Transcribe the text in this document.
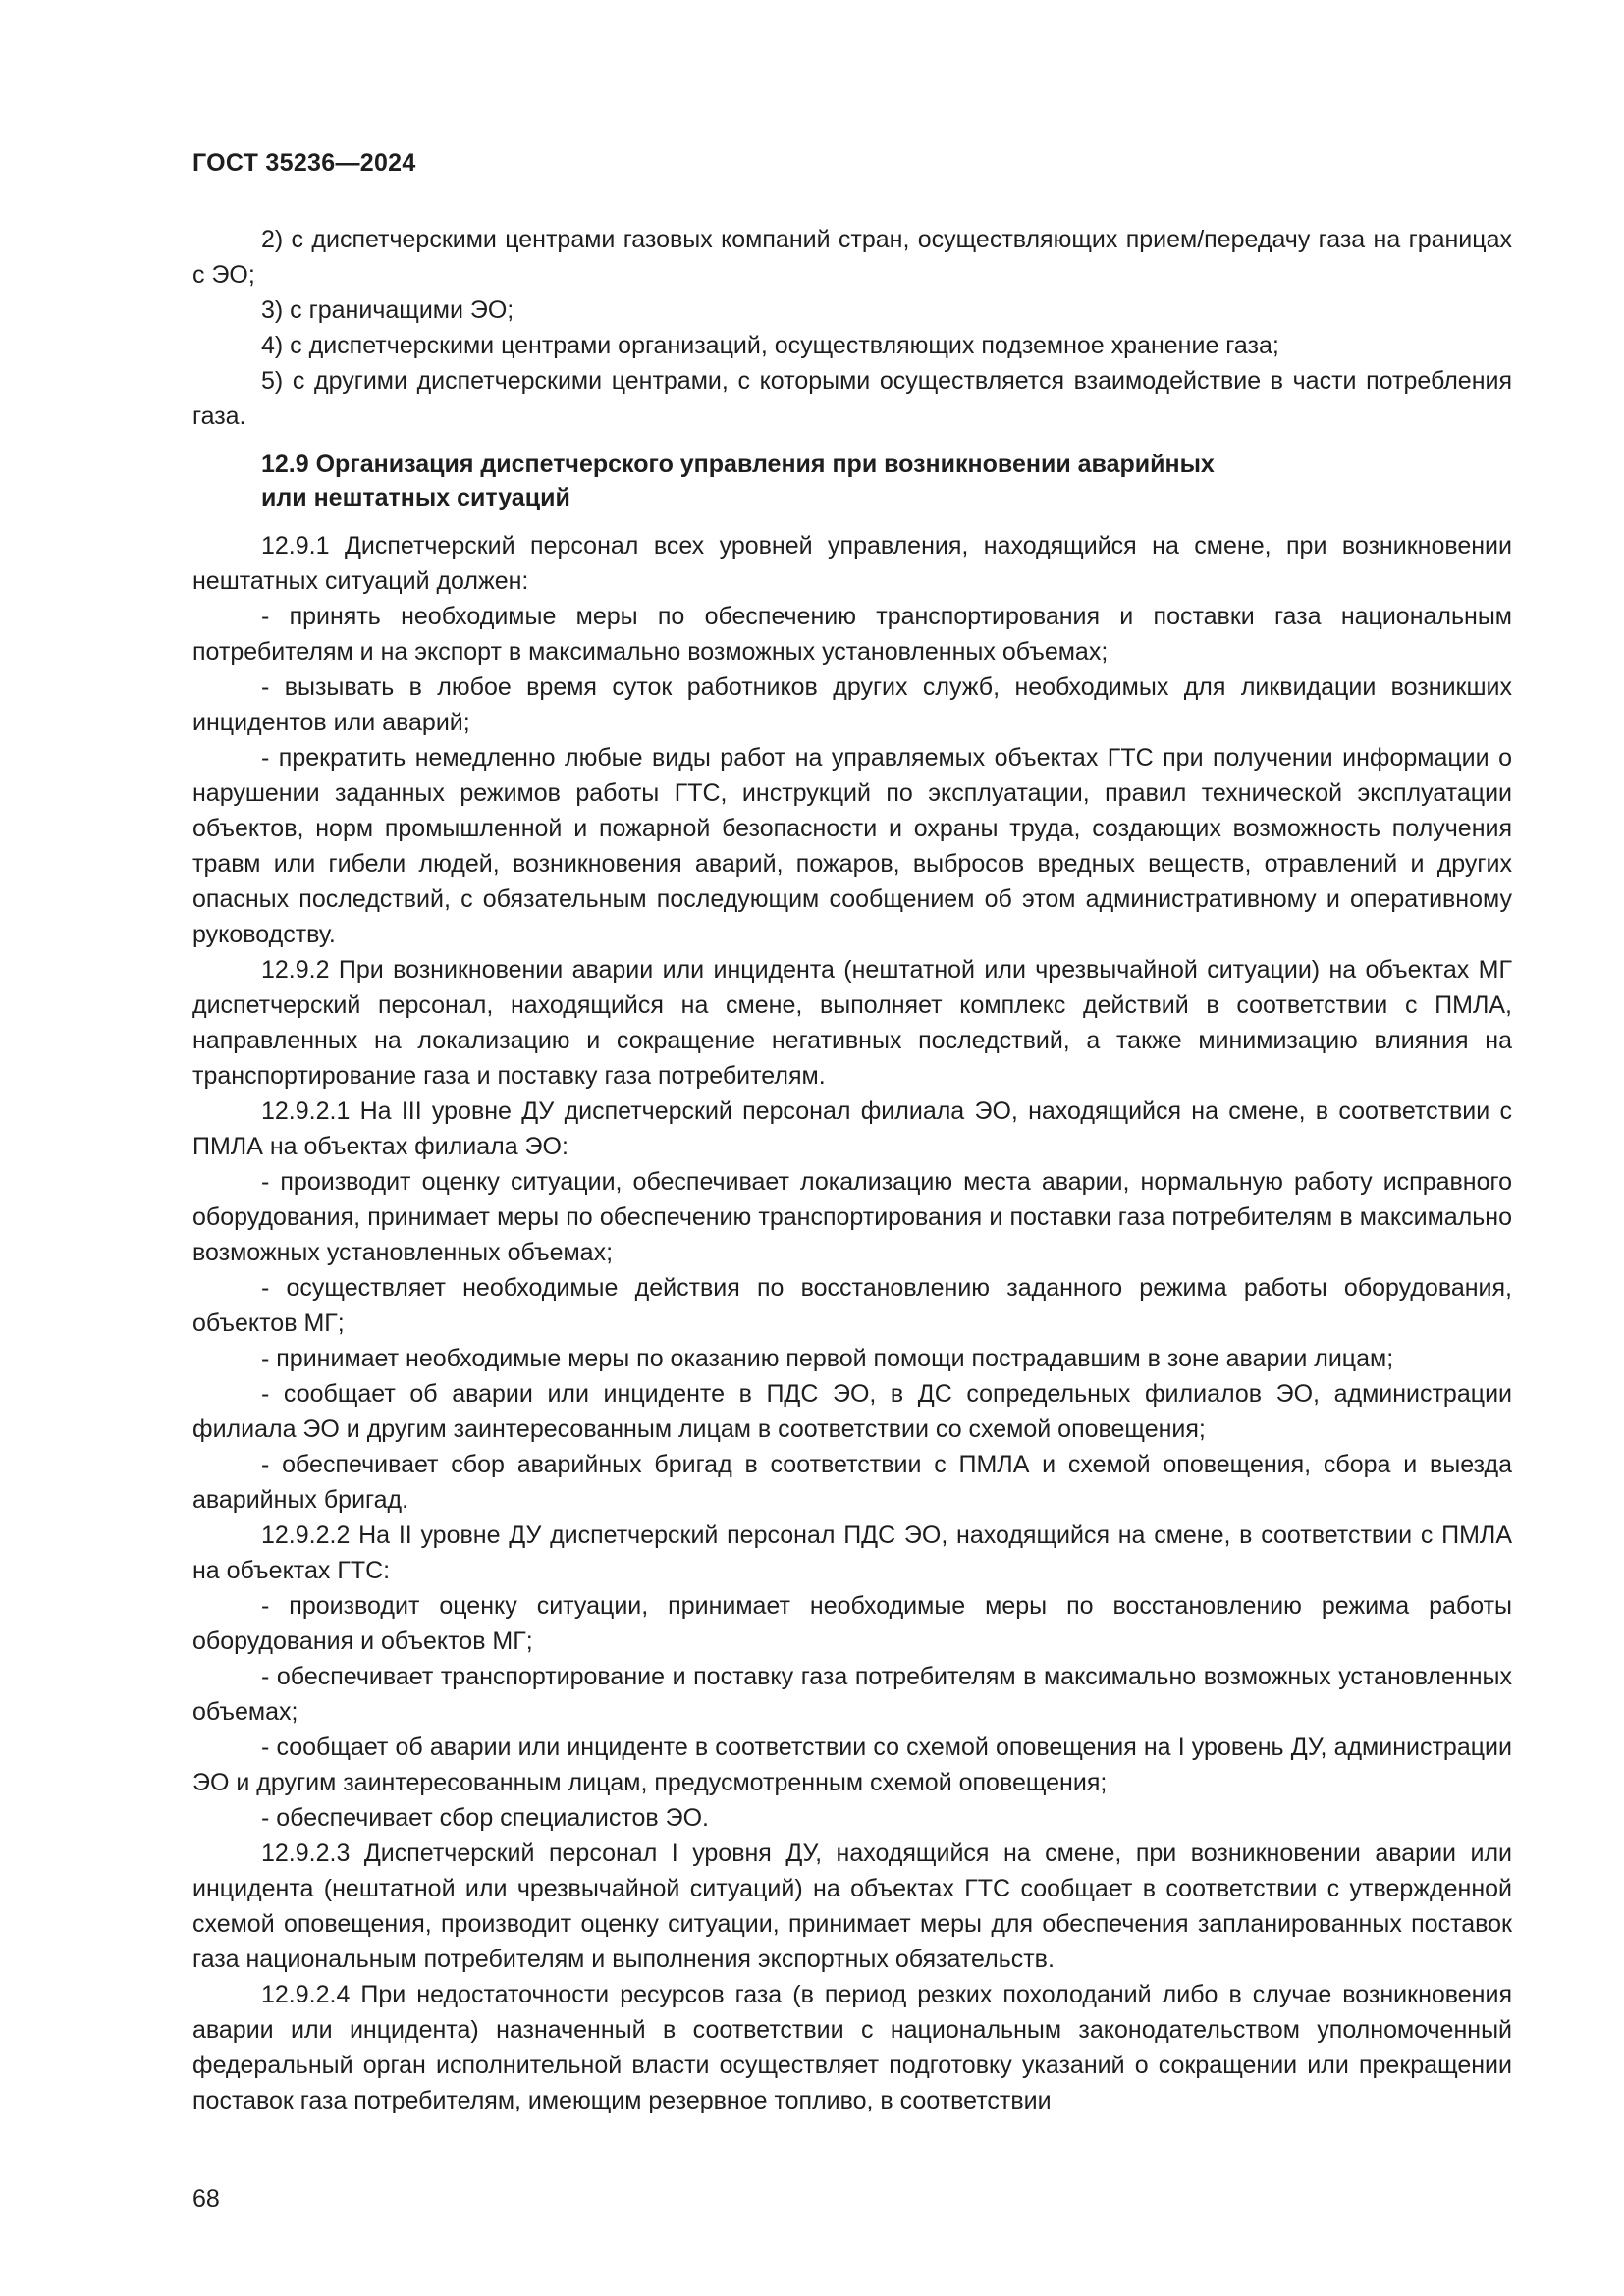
ГОСТ 35236—2024

2) с диспетчерскими центрами газовых компаний стран, осуществляющих прием/передачу газа на границах с ЭО;

3) с граничащими ЭО;

4) с диспетчерскими центрами организаций, осуществляющих подземное хранение газа;

5) с другими диспетчерскими центрами, с которыми осуществляется взаимодействие в части потребления газа.

12.9 Организация диспетчерского управления при возникновении аварийных
или нештатных ситуаций

12.9.1 Диспетчерский персонал всех уровней управления, находящийся на смене, при возникновении нештатных ситуаций должен:

- принять необходимые меры по обеспечению транспортирования и поставки газа национальным потребителям и на экспорт в максимально возможных установленных объемах;

- вызывать в любое время суток работников других служб, необходимых для ликвидации возникших инцидентов или аварий;

- прекратить немедленно любые виды работ на управляемых объектах ГТС при получении информации о нарушении заданных режимов работы ГТС, инструкций по эксплуатации, правил технической эксплуатации объектов, норм промышленной и пожарной безопасности и охраны труда, создающих возможность получения травм или гибели людей, возникновения аварий, пожаров, выбросов вредных веществ, отравлений и других опасных последствий, с обязательным последующим сообщением об этом административному и оперативному руководству.

12.9.2 При возникновении аварии или инцидента (нештатной или чрезвычайной ситуации) на объектах МГ диспетчерский персонал, находящийся на смене, выполняет комплекс действий в соответствии с ПМЛА, направленных на локализацию и сокращение негативных последствий, а также минимизацию влияния на транспортирование газа и поставку газа потребителям.

12.9.2.1 На III уровне ДУ диспетчерский персонал филиала ЭО, находящийся на смене, в соответствии с ПМЛА на объектах филиала ЭО:

- производит оценку ситуации, обеспечивает локализацию места аварии, нормальную работу исправного оборудования, принимает меры по обеспечению транспортирования и поставки газа потребителям в максимально возможных установленных объемах;

- осуществляет необходимые действия по восстановлению заданного режима работы оборудования, объектов МГ;

- принимает необходимые меры по оказанию первой помощи пострадавшим в зоне аварии лицам;

- сообщает об аварии или инциденте в ПДС ЭО, в ДС сопредельных филиалов ЭО, администрации филиала ЭО и другим заинтересованным лицам в соответствии со схемой оповещения;

- обеспечивает сбор аварийных бригад в соответствии с ПМЛА и схемой оповещения, сбора и выезда аварийных бригад.

12.9.2.2 На II уровне ДУ диспетчерский персонал ПДС ЭО, находящийся на смене, в соответствии с ПМЛА на объектах ГТС:

- производит оценку ситуации, принимает необходимые меры по восстановлению режима работы оборудования и объектов МГ;

- обеспечивает транспортирование и поставку газа потребителям в максимально возможных установленных объемах;

- сообщает об аварии или инциденте в соответствии со схемой оповещения на I уровень ДУ, администрации ЭО и другим заинтересованным лицам, предусмотренным схемой оповещения;

- обеспечивает сбор специалистов ЭО.

12.9.2.3 Диспетчерский персонал I уровня ДУ, находящийся на смене, при возникновении аварии или инцидента (нештатной или чрезвычайной ситуаций) на объектах ГТС сообщает в соответствии с утвержденной схемой оповещения, производит оценку ситуации, принимает меры для обеспечения запланированных поставок газа национальным потребителям и выполнения экспортных обязательств.

12.9.2.4 При недостаточности ресурсов газа (в период резких похолоданий либо в случае возникновения аварии или инцидента) назначенный в соответствии с национальным законодательством уполномоченный федеральный орган исполнительной власти осуществляет подготовку указаний о сокращении или прекращении поставок газа потребителям, имеющим резервное топливо, в соответствии

68
